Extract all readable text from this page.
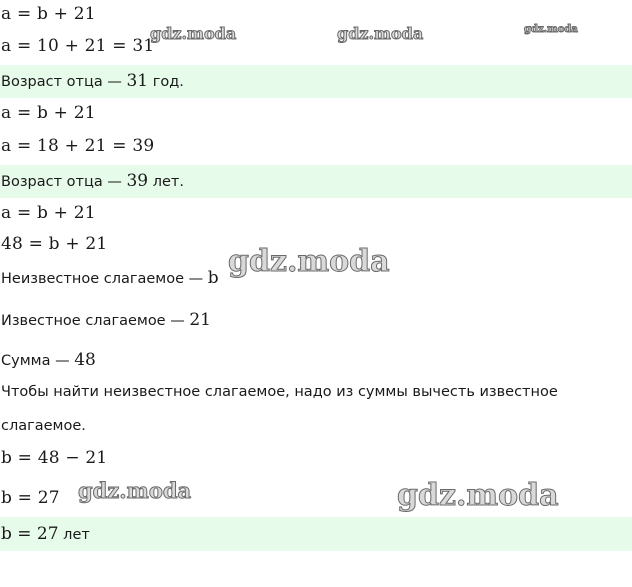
a = b + 21
a = 10 + 21 = 31
Возраст отца — 31 год.
a = b + 21
a = 18 + 21 = 39
Возраст отца — 39 лет.
a = b + 21
48 = b + 21
Неизвестное слагаемое — b
Известное слагаемое — 21
Сумма — 48
Чтобы найти неизвестное слагаемое, надо из суммы вычесть известное
слагаемое.
b = 48 − 21
b = 27
b = 27 лет
gdz.moda	gdz.moda	gdz.moda
gdz.moda
gdz.moda	gdz.moda
